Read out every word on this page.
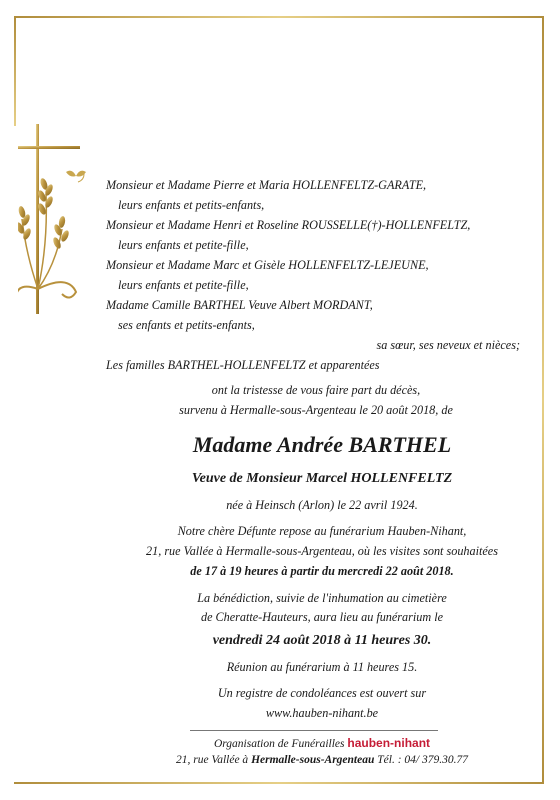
Monsieur et Madame Pierre et Maria HOLLENFELTZ-GARATE,
leurs enfants et petits-enfants,
Monsieur et Madame Henri et Roseline ROUSSELLE(†)-HOLLENFELTZ,
leurs enfants et petite-fille,
Monsieur et Madame Marc et Gisèle HOLLENFELTZ-LEJEUNE,
leurs enfants et petite-fille,
Madame Camille BARTHEL Veuve Albert MORDANT,
ses enfants et petits-enfants,
sa sœur, ses neveux et nièces;
Les familles BARTHEL-HOLLENFELTZ et apparentées
ont la tristesse de vous faire part du décès,
survenu à Hermalle-sous-Argenteau le 20 août 2018, de
Madame Andrée BARTHEL
Veuve de Monsieur Marcel HOLLENFELTZ
née à Heinsch (Arlon) le 22 avril 1924.
Notre chère Défunte repose au funérarium Hauben-Nihant,
21, rue Vallée à Hermalle-sous-Argenteau, où les visites sont souhaitées
de 17 à 19 heures à partir du mercredi 22 août 2018.
La bénédiction, suivie de l'inhumation au cimetière
de Cheratte-Hauteurs, aura lieu au funérarium le
vendredi 24 août 2018 à 11 heures 30.
Réunion au funérarium à 11 heures 15.
Un registre de condoléances est ouvert sur
www.hauben-nihant.be
Organisation de Funérailles hauben-nihant
21, rue Vallée à Hermalle-sous-Argenteau Tél. : 04/ 379.30.77
